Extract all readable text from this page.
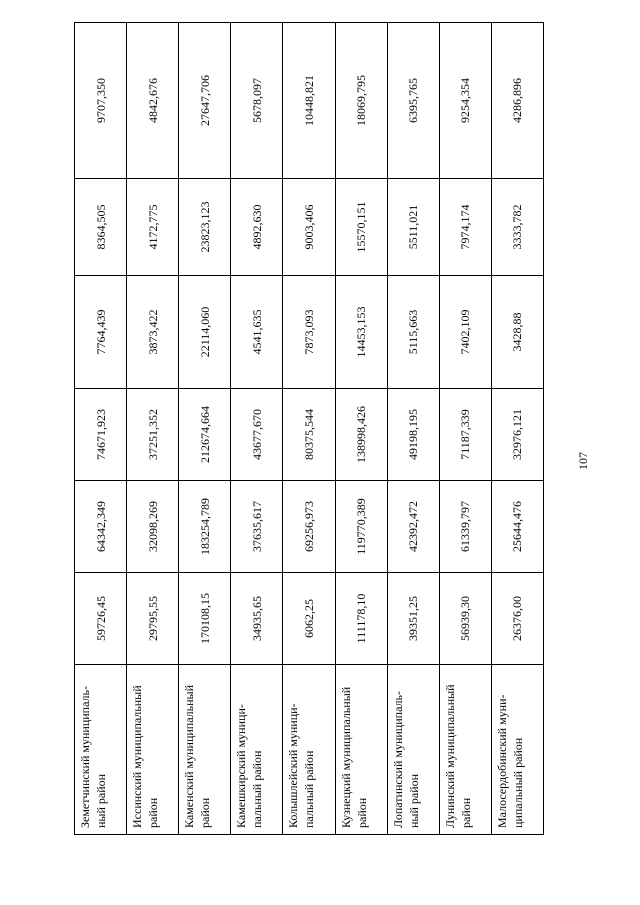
Земетчинский муниципаль-ный район	59726,45	64342,349	74671,923	7764,439	8364,505	9707,350
Иссинский муниципальный район	29795,55	32098,269	37251,352	3873,422	4172,775	4842,676
Каменский муниципальный район	170108,15	183254,789	212674,664	22114,060	23823,123	27647,706
Камешкирский муници-пальный район	34935,65	37635,617	43677,670	4541,635	4892,630	5678,097
Колышлейский муници-пальный район	6062,25	69256,973	80375,544	7873,093	9003,406	10448,821
Кузнецкий муниципальный район	111178,10	119770,389	138998,426	14453,153	15570,151	18069,795
Лопатинский муниципаль-ный район	39351,25	42392,472	49198,195	5115,663	5511,021	6395,765
Лунинский муниципальный район	56939,30	61339,797	71187,339	7402,109	7974,174	9254,354
Малосердобинский муни-ципальный район	26376,00	25644,476	32976,121	3428,88	3333,782	4286,896
107
